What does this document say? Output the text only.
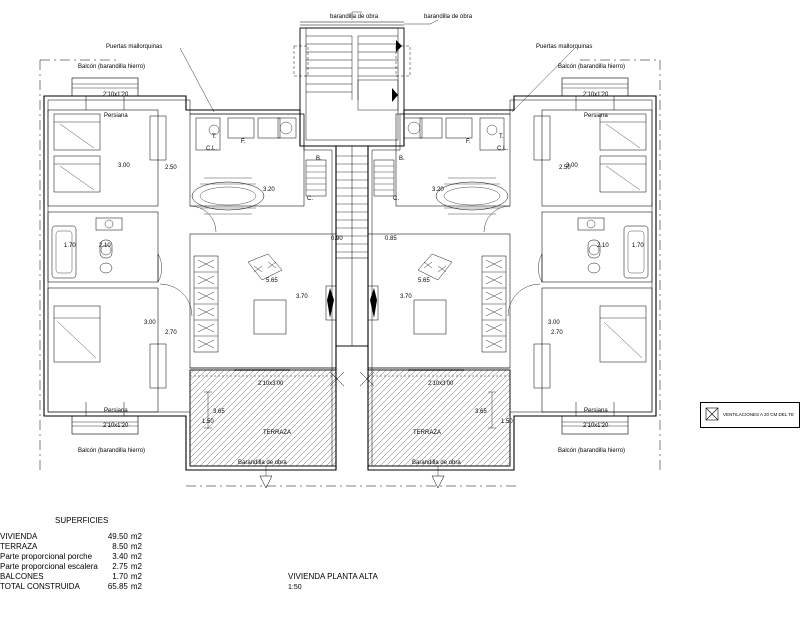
barandilla de obra	barandilla de obra
Puertas mallorquinas	Puertas mallorquinas
Balcón (barandilla hierro)	Balcón (barandilla hierro)
2'10x1'20	2'10x1'20
Persiana	Persiana
3.00	2.50	3.00
2.50
2.10
1.70	2.10	1.70
3.00
2.70
3.00
2.70
Persiana	Persiana
2'10x1'20	2'10x1'20
Balcón (barandilla hierro)	Balcón (barandilla hierro)
3.20	3.20
3.70
5.65
3.70
5.65
0.90	0.85
TERRAZA	TERRAZA
2'10x3'00	2'10x3'00
3.65	3.65
1.50	1.50
Barandilla de obra	Barandilla de obra
F.	F.
B.	B.
C.	C.
T.	T.
C.L.	C.L.
SUPERFICIES
VIVIENDA	49.50	m2
TERRAZA	8.50	m2
Parte proporcional porche	3.40	m2
Parte proporcional escalera	2.75	m2
BALCONES	1.70	m2
TOTAL CONSTRUIDA	65.85	m2
VIVIENDA PLANTA ALTA
1:50
VENTILACIONES A 20 CM DEL TE
